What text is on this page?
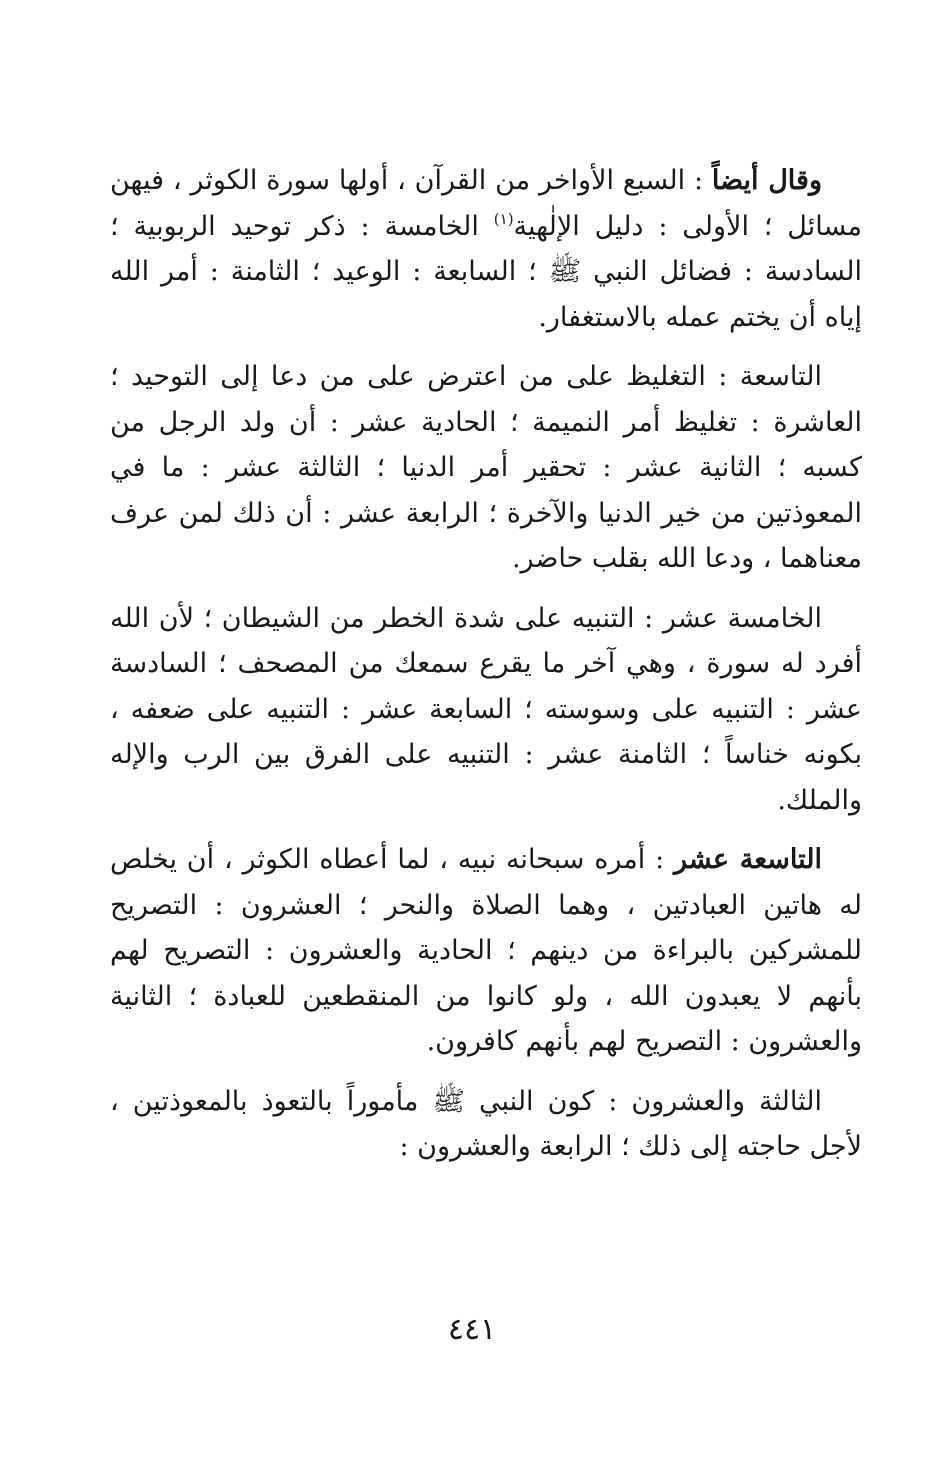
وقال أيضاً : السبع الأواخر من القرآن ، أولها سورة الكوثر ، فيهن مسائل ؛ الأولى : دليل الإلٰهية$^{(١)}$ الخامسة : ذكر توحيد الربوبية ؛ السادسة : فضائل النبي ﷺ ؛ السابعة : الوعيد ؛ الثامنة : أمر الله إياه أن يختم عمله بالاستغفار.

التاسعة : التغليظ على من اعترض على من دعا إلى التوحيد ؛ العاشرة : تغليظ أمر النميمة ؛ الحادية عشر : أن ولد الرجل من كسبه ؛ الثانية عشر : تحقير أمر الدنيا ؛ الثالثة عشر : ما في المعوذتين من خير الدنيا والآخرة ؛ الرابعة عشر : أن ذلك لمن عرف معناهما ، ودعا الله بقلب حاضر.

الخامسة عشر : التنبيه على شدة الخطر من الشيطان ؛ لأن الله أفرد له سورة ، وهي آخر ما يقرع سمعك من المصحف ؛ السادسة عشر : التنبيه على وسوسته ؛ السابعة عشر : التنبيه على ضعفه ، بكونه خناساً ؛ الثامنة عشر : التنبيه على الفرق بين الرب والإله والملك.

التاسعة عشر : أمره سبحانه نبيه ، لما أعطاه الكوثر ، أن يخلص له هاتين العبادتين ، وهما الصلاة والنحر ؛ العشرون : التصريح للمشركين بالبراءة من دينهم ؛ الحادية والعشرون : التصريح لهم بأنهم لا يعبدون الله ، ولو كانوا من المنقطعين للعبادة ؛ الثانية والعشرون : التصريح لهم بأنهم كافرون.

الثالثة والعشرون : كون النبي ﷺ مأموراً بالتعوذ بالمعوذتين ، لأجل حاجته إلى ذلك ؛ الرابعة والعشرون :

٤٤١
